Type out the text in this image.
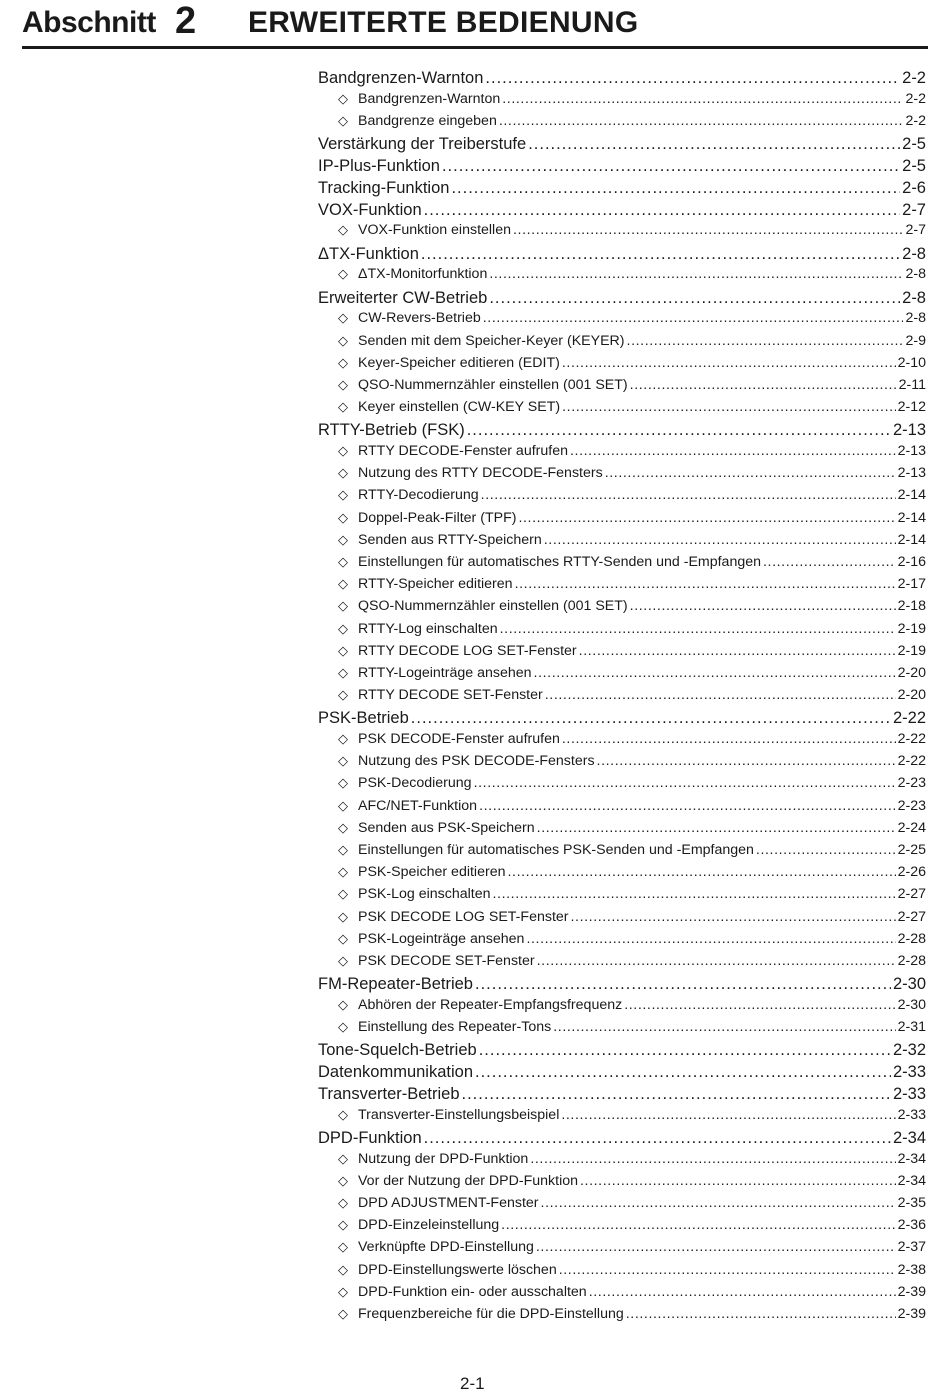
Abschnitt 2 ERWEITERTE BEDIENUNG
Bandgrenzen-Warnton .....	2-2
◇ Bandgrenzen-Warnton .....	2-2
◇ Bandgrenze eingeben .....	2-2
Verstärkung der Treiberstufe .....	2-5
IP-Plus-Funktion .....	2-5
Tracking-Funktion .....	2-6
VOX-Funktion .....	2-7
◇ VOX-Funktion einstellen .....	2-7
ΔTX-Funktion .....	2-8
◇ ΔTX-Monitorfunktion .....	2-8
Erweiterter CW-Betrieb .....	2-8
◇ CW-Revers-Betrieb .....	2-8
◇ Senden mit dem Speicher-Keyer (KEYER) .....	2-9
◇ Keyer-Speicher editieren (EDIT) .....	2-10
◇ QSO-Nummernzähler einstellen (001 SET) .....	2-11
◇ Keyer einstellen (CW-KEY SET) .....	2-12
RTTY-Betrieb (FSK) .....	2-13
◇ RTTY DECODE-Fenster aufrufen .....	2-13
◇ Nutzung des RTTY DECODE-Fensters .....	2-13
◇ RTTY-Decodierung .....	2-14
◇ Doppel-Peak-Filter (TPF) .....	2-14
◇ Senden aus RTTY-Speichern .....	2-14
◇ Einstellungen für automatisches RTTY-Senden und -Empfangen .....	2-16
◇ RTTY-Speicher editieren .....	2-17
◇ QSO-Nummernzähler einstellen (001 SET) .....	2-18
◇ RTTY-Log einschalten .....	2-19
◇ RTTY DECODE LOG SET-Fenster .....	2-19
◇ RTTY-Logeinträge ansehen .....	2-20
◇ RTTY DECODE SET-Fenster .....	2-20
PSK-Betrieb .....	2-22
◇ PSK DECODE-Fenster aufrufen .....	2-22
◇ Nutzung des PSK DECODE-Fensters .....	2-22
◇ PSK-Decodierung .....	2-23
◇ AFC/NET-Funktion .....	2-23
◇ Senden aus PSK-Speichern .....	2-24
◇ Einstellungen für automatisches PSK-Senden und -Empfangen .....	2-25
◇ PSK-Speicher editieren .....	2-26
◇ PSK-Log einschalten .....	2-27
◇ PSK DECODE LOG SET-Fenster .....	2-27
◇ PSK-Logeinträge ansehen .....	2-28
◇ PSK DECODE SET-Fenster .....	2-28
FM-Repeater-Betrieb .....	2-30
◇ Abhören der Repeater-Empfangsfrequenz .....	2-30
◇ Einstellung des Repeater-Tons .....	2-31
Tone-Squelch-Betrieb .....	2-32
Datenkommunikation .....	2-33
Transverter-Betrieb .....	2-33
◇ Transverter-Einstellungsbeispiel .....	2-33
DPD-Funktion .....	2-34
◇ Nutzung der DPD-Funktion .....	2-34
◇ Vor der Nutzung der DPD-Funktion .....	2-34
◇ DPD ADJUSTMENT-Fenster .....	2-35
◇ DPD-Einzeleinstellung .....	2-36
◇ Verknüpfte DPD-Einstellung .....	2-37
◇ DPD-Einstellungswerte löschen .....	2-38
◇ DPD-Funktion ein- oder ausschalten .....	2-39
◇ Frequenzbereiche für die DPD-Einstellung .....	2-39
2-1
